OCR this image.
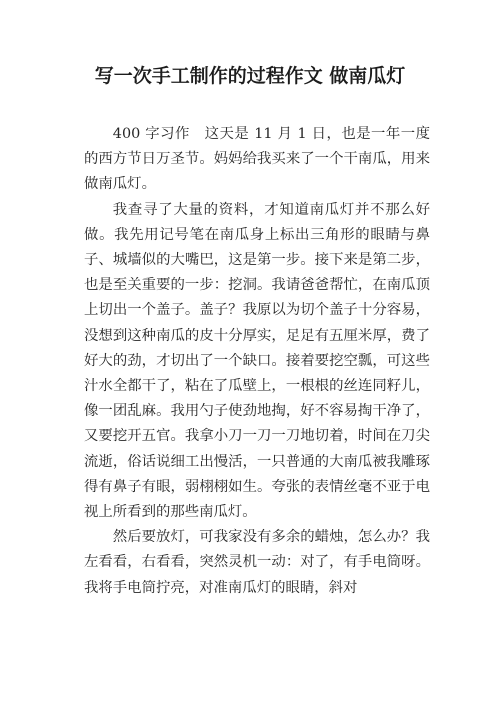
写一次手工制作的过程作文 做南瓜灯

400 字习作　这天是 11 月 1 日，也是一年一度的西方节日万圣节。妈妈给我买来了一个干南瓜，用来做南瓜灯。

我查寻了大量的资料，才知道南瓜灯并不那么好做。我先用记号笔在南瓜身上标出三角形的眼睛与鼻子、城墙似的大嘴巴，这是第一步。接下来是第二步，也是至关重要的一步：挖洞。我请爸爸帮忙，在南瓜顶上切出一个盖子。盖子？我原以为切个盖子十分容易，没想到这种南瓜的皮十分厚实，足足有五厘米厚，费了好大的劲，才切出了一个缺口。接着要挖空瓢，可这些汁水全都干了，粘在了瓜壁上，一根根的丝连同籽儿，像一团乱麻。我用勺子使劲地掏，好不容易掏干净了，又要挖开五官。我拿小刀一刀一刀地切着，时间在刀尖流逝，俗话说细工出慢活，一只普通的大南瓜被我雕琢得有鼻子有眼，弱栩栩如生。夸张的表情丝毫不亚于电视上所看到的那些南瓜灯。

然后要放灯，可我家没有多余的蜡烛，怎么办？我左看看，右看看，突然灵机一动：对了，有手电筒呀。我将手电筒拧亮，对准南瓜灯的眼睛，斜对
